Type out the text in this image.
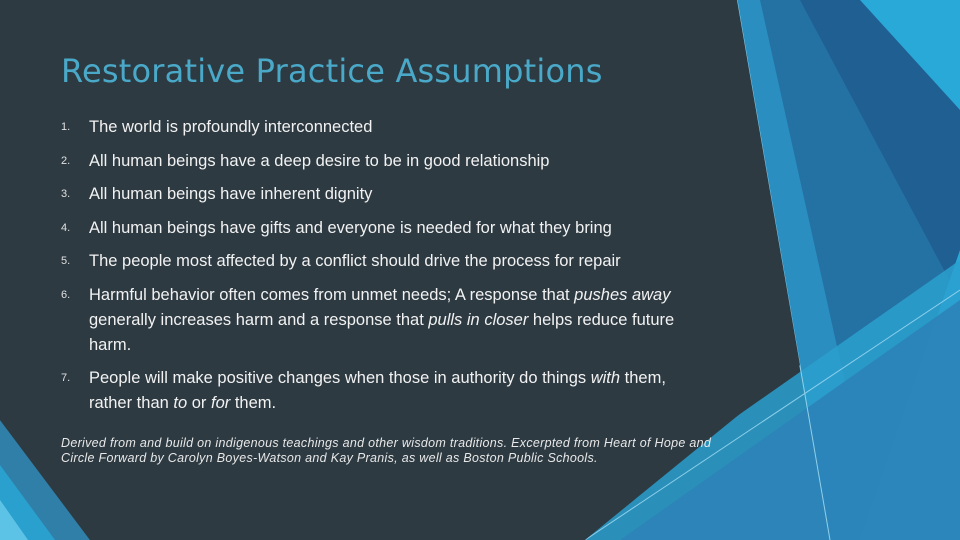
Restorative Practice Assumptions
1. The world is profoundly interconnected
2. All human beings have a deep desire to be in good relationship
3. All human beings have inherent dignity
4. All human beings have gifts and everyone is needed for what they bring
5. The people most affected by a conflict should drive the process for repair
6. Harmful behavior often comes from unmet needs; A response that pushes away generally increases harm and a response that pulls in closer helps reduce future harm.
7. People will make positive changes when those in authority do things with them, rather than to or for them.
Derived from and build on indigenous teachings and other wisdom traditions. Excerpted from Heart of Hope and Circle Forward by Carolyn Boyes-Watson and Kay Pranis, as well as Boston Public Schools.
